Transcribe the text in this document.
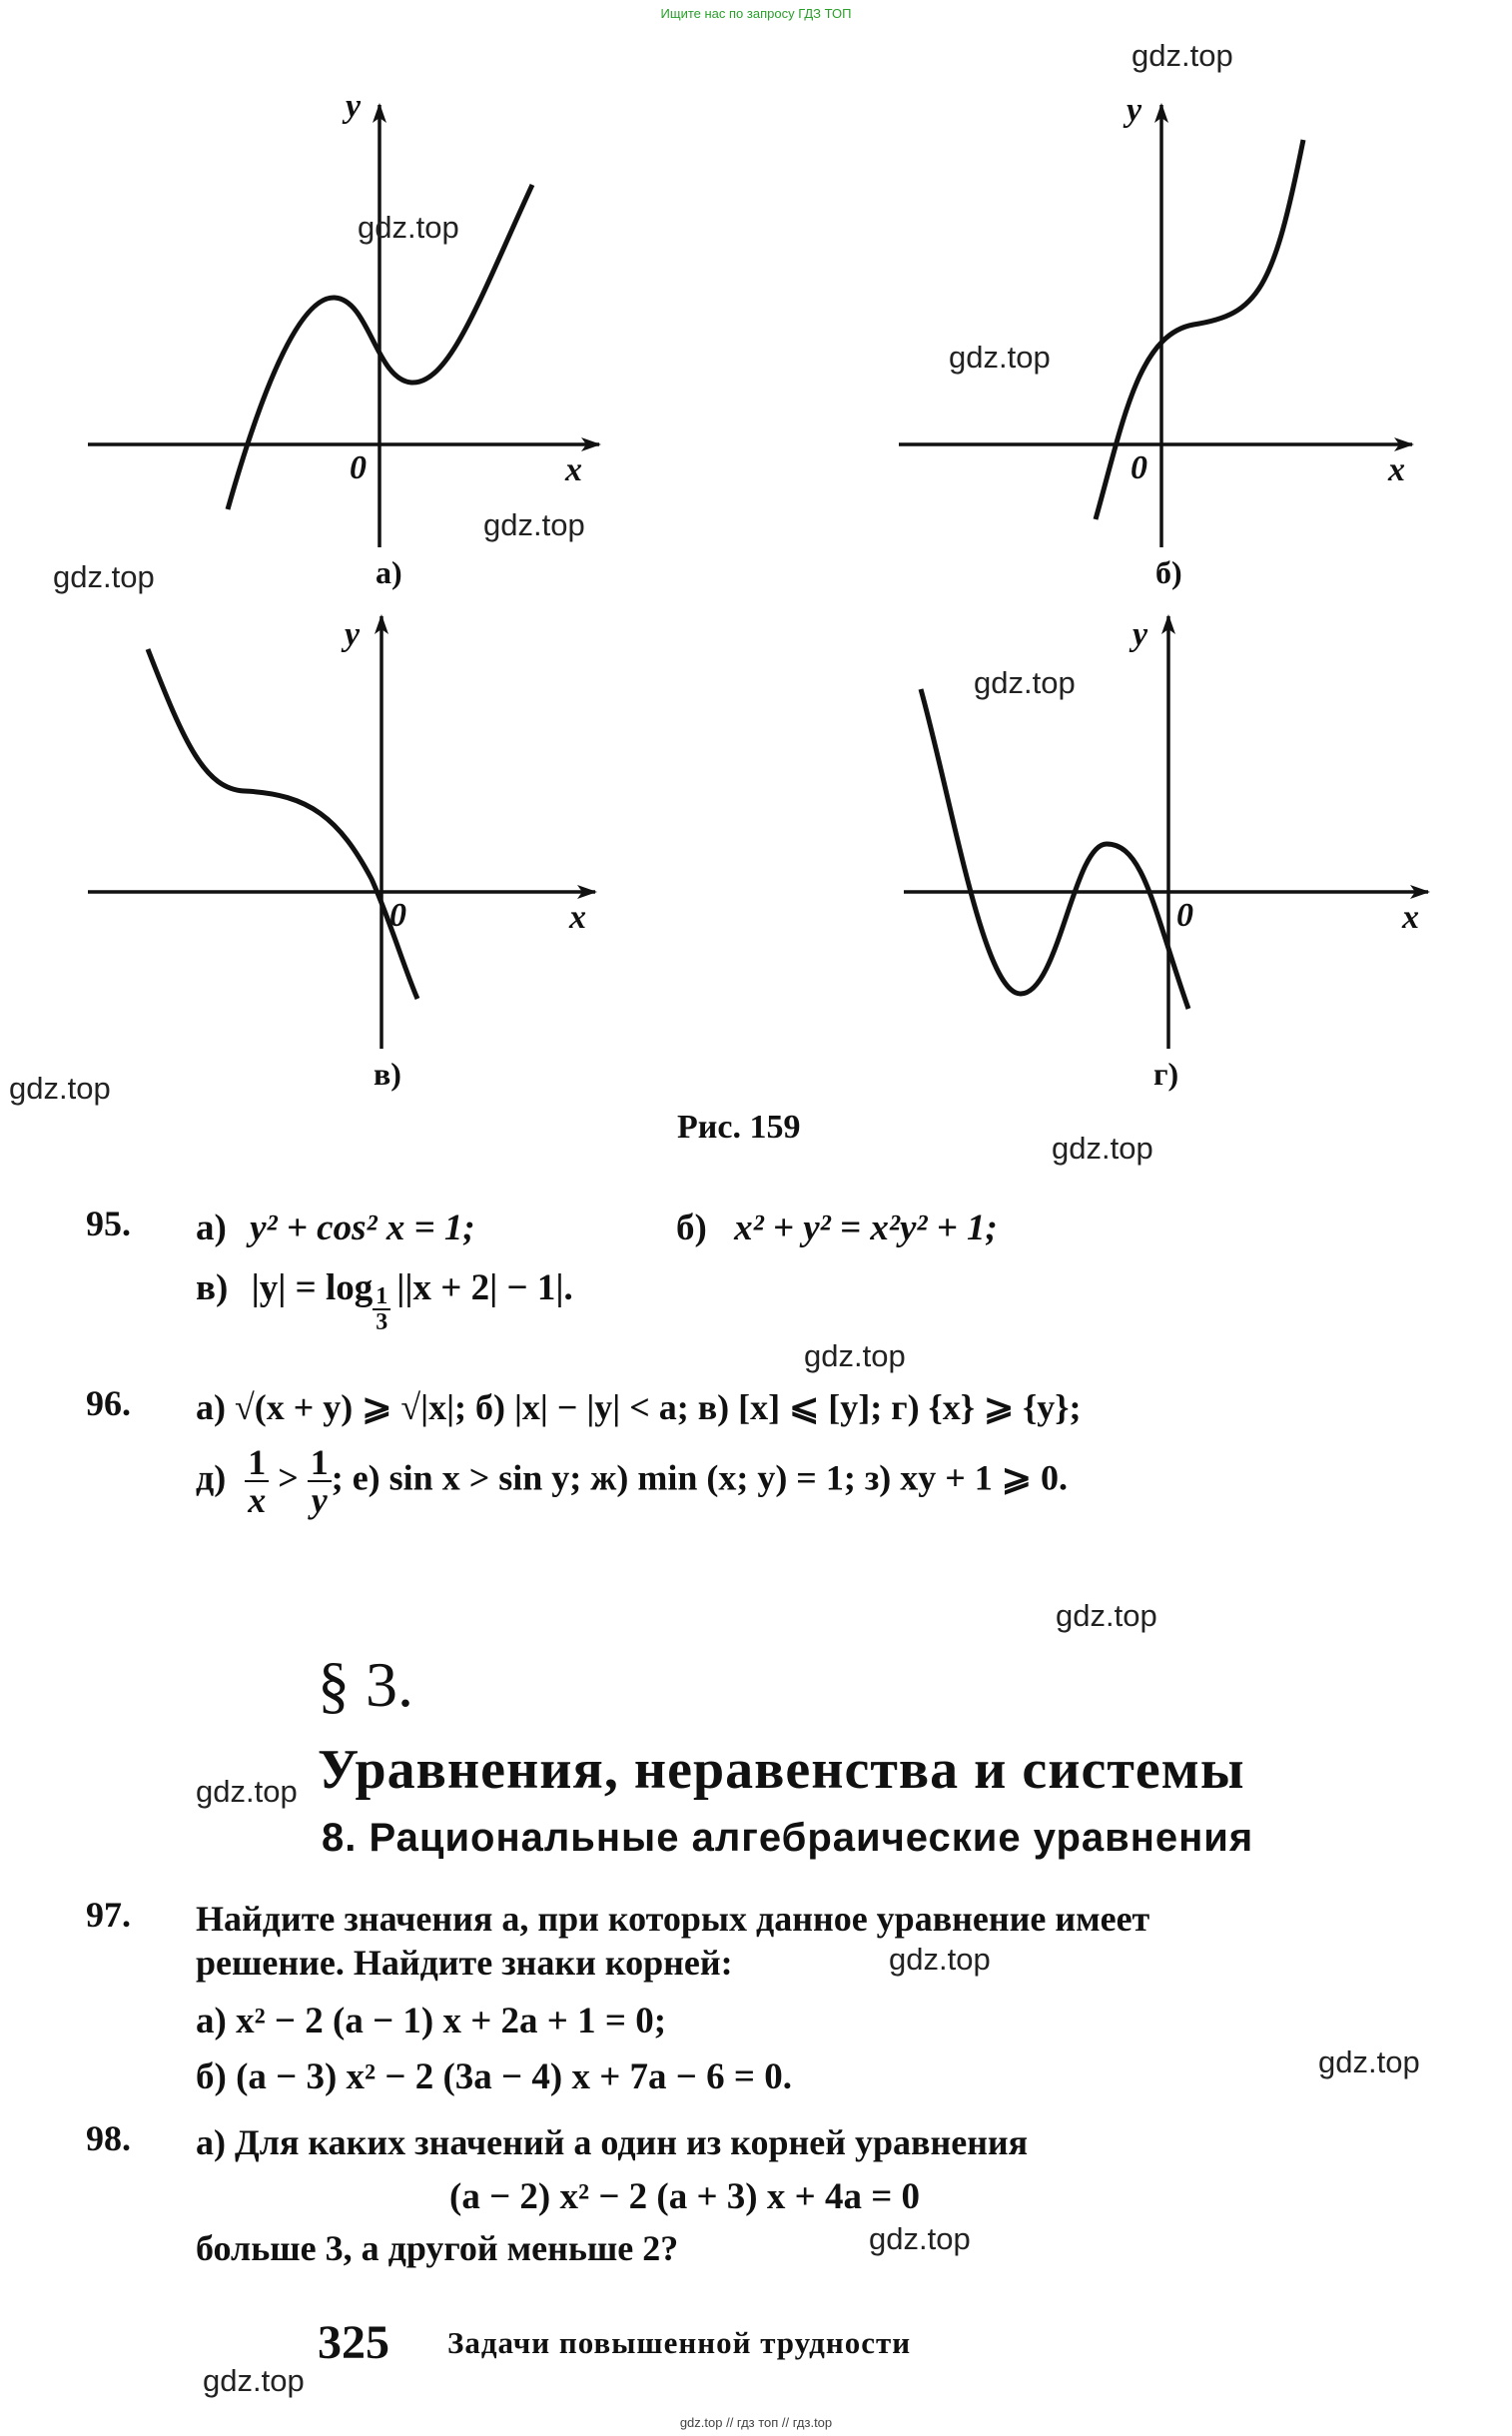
Ищите нас по запросу ГДЗ ТОП
y
x
0
y
x
0
y
x
0
y
x
0
а)	б)
в)	г)
Рис. 159
gdz.top
gdz.top
gdz.top
gdz.top
gdz.top
gdz.top
gdz.top
gdz.top
gdz.top
gdz.top
gdz.top
gdz.top
gdz.top
gdz.top
gdz.top
95. а) y² + cos² x = 1;	б) x² + y² = x²y² + 1;
в) $|y| = \log \frac{1}{3} ||x + 2| - 1|$.
96. а) √(x + y) ⩾ √|x|; б) |x| − |y| < a; в) [x] ⩽ [y]; г) {x} ⩾ {y};
$д) \frac{1}{x} > \frac{1}{y}$ ; е) sin x > sin y; ж) min (x; y) = 1; з) xy + 1 ⩾ 0.
§ 3.
Уравнения, неравенства и системы
8. Рациональные алгебраические уравнения
97. Найдите значения a, при которых данное уравнение имеет
решение. Найдите знаки корней:
а) x² − 2 (a − 1) x + 2a + 1 = 0;
б) (a − 3) x² − 2 (3a − 4) x + 7a − 6 = 0.
98. а) Для каких значений a один из корней уравнения
(a − 2) x² − 2 (a + 3) x + 4a = 0
больше 3, а другой меньше 2?
325 Задачи повышенной трудности
gdz.top // гдз топ // гдз.top
